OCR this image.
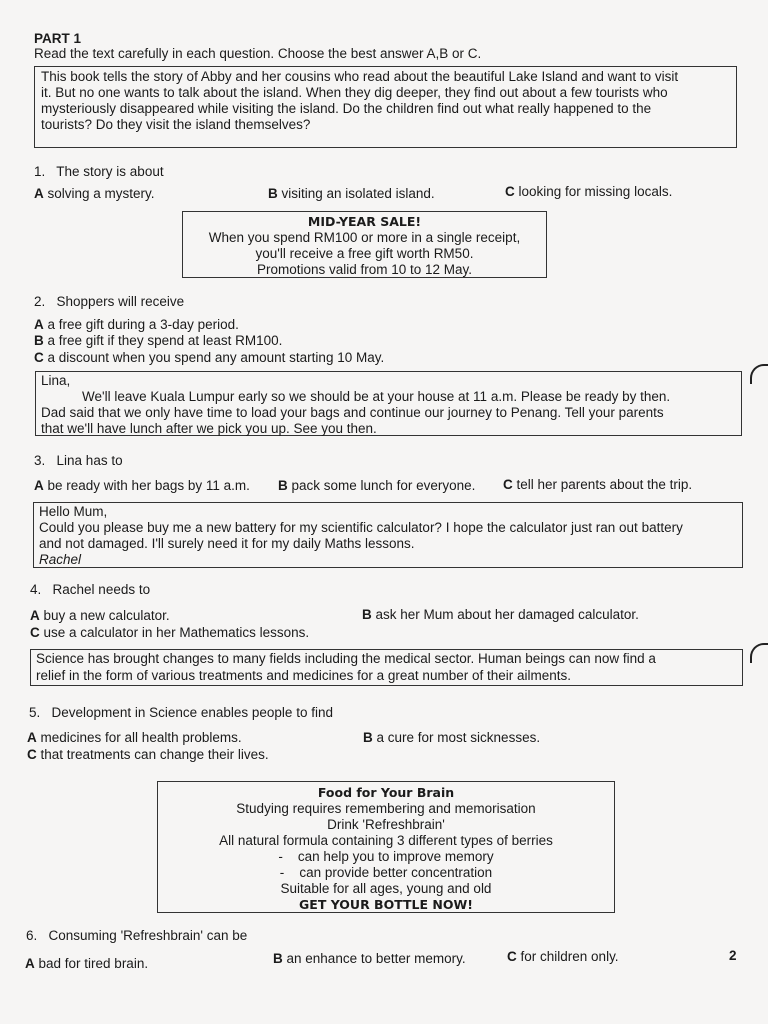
PART 1
Read the text carefully in each question. Choose the best answer A,B or C.
This book tells the story of Abby and her cousins who read about the beautiful Lake Island and want to visit
it. But no one wants to talk about the island. When they dig deeper, they find out about a few tourists who
mysteriously disappeared while visiting the island. Do the children find out what really happened to the
tourists? Do they visit the island themselves?
1. The story is about
A solving a mystery.	B visiting an isolated island.	C looking for missing locals.
MID-YEAR SALE!
When you spend RM100 or more in a single receipt,
you'll receive a free gift worth RM50.
Promotions valid from 10 to 12 May.
2. Shoppers will receive
A a free gift during a 3-day period.
B a free gift if they spend at least RM100.
C a discount when you spend any amount starting 10 May.
Lina,
We'll leave Kuala Lumpur early so we should be at your house at 11 a.m. Please be ready by then.
Dad said that we only have time to load your bags and continue our journey to Penang. Tell your parents
that we'll have lunch after we pick you up. See you then.
3. Lina has to
A be ready with her bags by 11 a.m. B pack some lunch for everyone. C tell her parents about the trip.
Hello Mum,
Could you please buy me a new battery for my scientific calculator? I hope the calculator just ran out battery
and not damaged. I'll surely need it for my daily Maths lessons.
Rachel
4. Rachel needs to
A buy a new calculator.	B ask her Mum about her damaged calculator.
C use a calculator in her Mathematics lessons.
Science has brought changes to many fields including the medical sector. Human beings can now find a
relief in the form of various treatments and medicines for a great number of their ailments.
5. Development in Science enables people to find
A medicines for all health problems.	B a cure for most sicknesses.
C that treatments can change their lives.
Food for Your Brain
Studying requires remembering and memorisation
Drink 'Refreshbrain'
All natural formula containing 3 different types of berries
- can help you to improve memory
- can provide better concentration
Suitable for all ages, young and old
GET YOUR BOTTLE NOW!
6. Consuming 'Refreshbrain' can be
A bad for tired brain.	B an enhance to better memory.	C for children only.	2
